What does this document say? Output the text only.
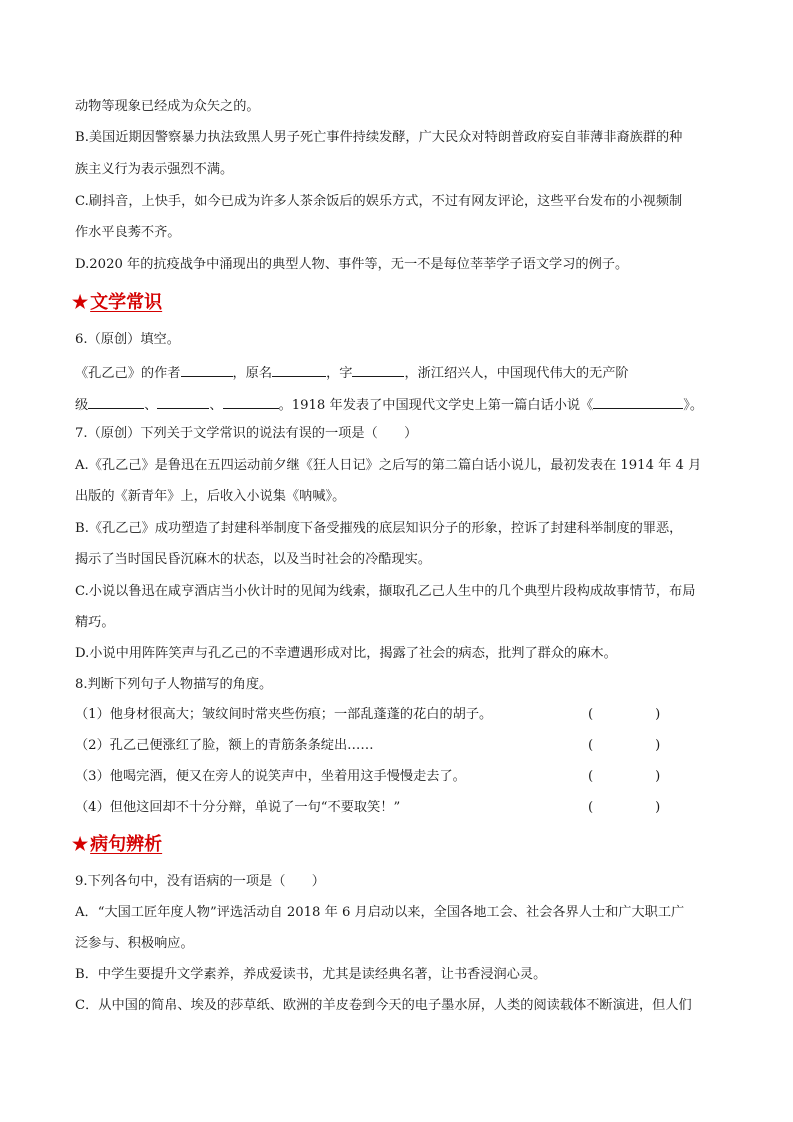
动物等现象已经成为众矢之的。
B.美国近期因警察暴力执法致黑人男子死亡事件持续发酵，广大民众对特朗普政府妄自菲薄非裔族群的种
族主义行为表示强烈不满。
C.刷抖音，上快手，如今已成为许多人茶余饭后的娱乐方式，不过有网友评论，这些平台发布的小视频制
作水平良莠不齐。
D.2020 年的抗疫战争中涌现出的典型人物、事件等，无一不是每位莘莘学子语文学习的例子。
★ 文学常识
6.（原创）填空。
《孔乙己》的作者	，原名	，字	，浙江绍兴人，中国现代伟大的无产阶
级	、	、	。1918 年发表了中国现代文学史上第一篇白话小说《	》。
7.（原创）下列关于文学常识的说法有误的一项是（　　）
A.《孔乙己》是鲁迅在五四运动前夕继《狂人日记》之后写的第二篇白话小说儿，最初发表在 1914 年 4 月
出版的《新青年》上，后收入小说集《呐喊》。
B.《孔乙己》成功塑造了封建科举制度下备受摧残的底层知识分子的形象，控诉了封建科举制度的罪恶，
揭示了当时国民昏沉麻木的状态，以及当时社会的冷酷现实。
C.小说以鲁迅在咸亨酒店当小伙计时的见闻为线索，撷取孔乙己人生中的几个典型片段构成故事情节，布局
精巧。
D.小说中用阵阵笑声与孔乙己的不幸遭遇形成对比，揭露了社会的病态，批判了群众的麻木。
8.判断下列句子人物描写的角度。
（1）他身材很高大；皱纹间时常夹些伤痕；一部乱蓬蓬的花白的胡子。	(	)
（2）孔乙己便涨红了脸，额上的青筋条条绽出……	(	)
（3）他喝完酒，便又在旁人的说笑声中，坐着用这手慢慢走去了。	(	)
（4）但他这回却不十分分辩，单说了一句“不要取笑！”	(	)
★ 病句辨析
9.下列各句中，没有语病的一项是（　　）
A．“大国工匠年度人物”评选活动自 2018 年 6 月启动以来，全国各地工会、社会各界人士和广大职工广
泛参与、积极响应。
B．中学生要提升文学素养，养成爱读书，尤其是读经典名著，让书香浸润心灵。
C．从中国的简帛、埃及的莎草纸、欧洲的羊皮卷到今天的电子墨水屏，人类的阅读载体不断演进，但人们
